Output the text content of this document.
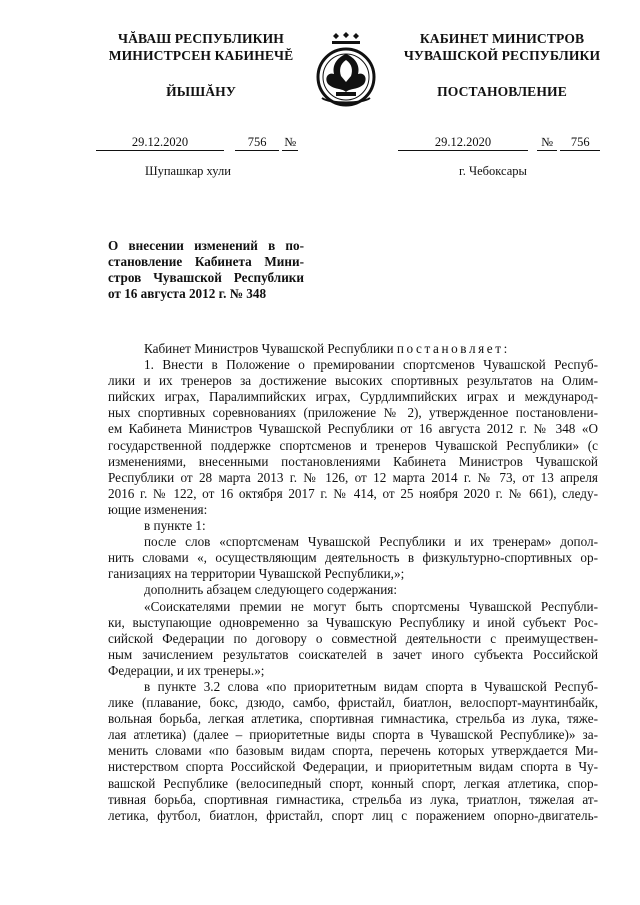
ЧĂВАШ РЕСПУБЛИКИН
МИНИСТРСЕН КАБИНЕЧĔ
ЙЫШĂНУ
КАБИНЕТ МИНИСТРОВ
ЧУВАШСКОЙ РЕСПУБЛИКИ
ПОСТАНОВЛЕНИЕ
29.12.2020	756 №	29.12.2020	№ 756
Шупашкар хули	г. Чебоксары
О внесении изменений в по-
становление Кабинета Мини-
стров Чувашской Республики
от 16 августа 2012 г. № 348
Кабинет Министров Чувашской Республики постановляет:
1. Внести в Положение о премировании спортсменов Чувашской Респуб-
лики и их тренеров за достижение высоких спортивных результатов на Олим-
пийских играх, Паралимпийских играх, Сурдлимпийских играх и международ-
ных спортивных соревнованиях (приложение № 2), утвержденное постановлени-
ем Кабинета Министров Чувашской Республики от 16 августа 2012 г. № 348 «О
государственной поддержке спортсменов и тренеров Чувашской Республики» (с
изменениями, внесенными постановлениями Кабинета Министров Чувашской
Республики от 28 марта 2013 г. № 126, от 12 марта 2014 г. № 73, от 13 апреля
2016 г. № 122, от 16 октября 2017 г. № 414, от 25 ноября 2020 г. № 661), следу-
ющие изменения:
в пункте 1:
после слов «спортсменам Чувашской Республики и их тренерам» допол-
нить словами «, осуществляющим деятельность в физкультурно-спортивных ор-
ганизациях на территории Чувашской Республики,»;
дополнить абзацем следующего содержания:
«Соискателями премии не могут быть спортсмены Чувашской Республи-
ки, выступающие одновременно за Чувашскую Республику и иной субъект Рос-
сийской Федерации по договору о совместной деятельности с преимуществен-
ным зачислением результатов соискателей в зачет иного субъекта Российской
Федерации, и их тренеры.»;
в пункте 3.2 слова «по приоритетным видам спорта в Чувашской Респуб-
лике (плавание, бокс, дзюдо, самбо, фристайл, биатлон, велоспорт-маунтинбайк,
вольная борьба, легкая атлетика, спортивная гимнастика, стрельба из лука, тяже-
лая атлетика) (далее – приоритетные виды спорта в Чувашской Республике)» за-
менить словами «по базовым видам спорта, перечень которых утверждается Ми-
нистерством спорта Российской Федерации, и приоритетным видам спорта в Чу-
вашской Республике (велосипедный спорт, конный спорт, легкая атлетика, спор-
тивная борьба, спортивная гимнастика, стрельба из лука, триатлон, тяжелая ат-
летика, футбол, биатлон, фристайл, спорт лиц с поражением опорно-двигатель-
